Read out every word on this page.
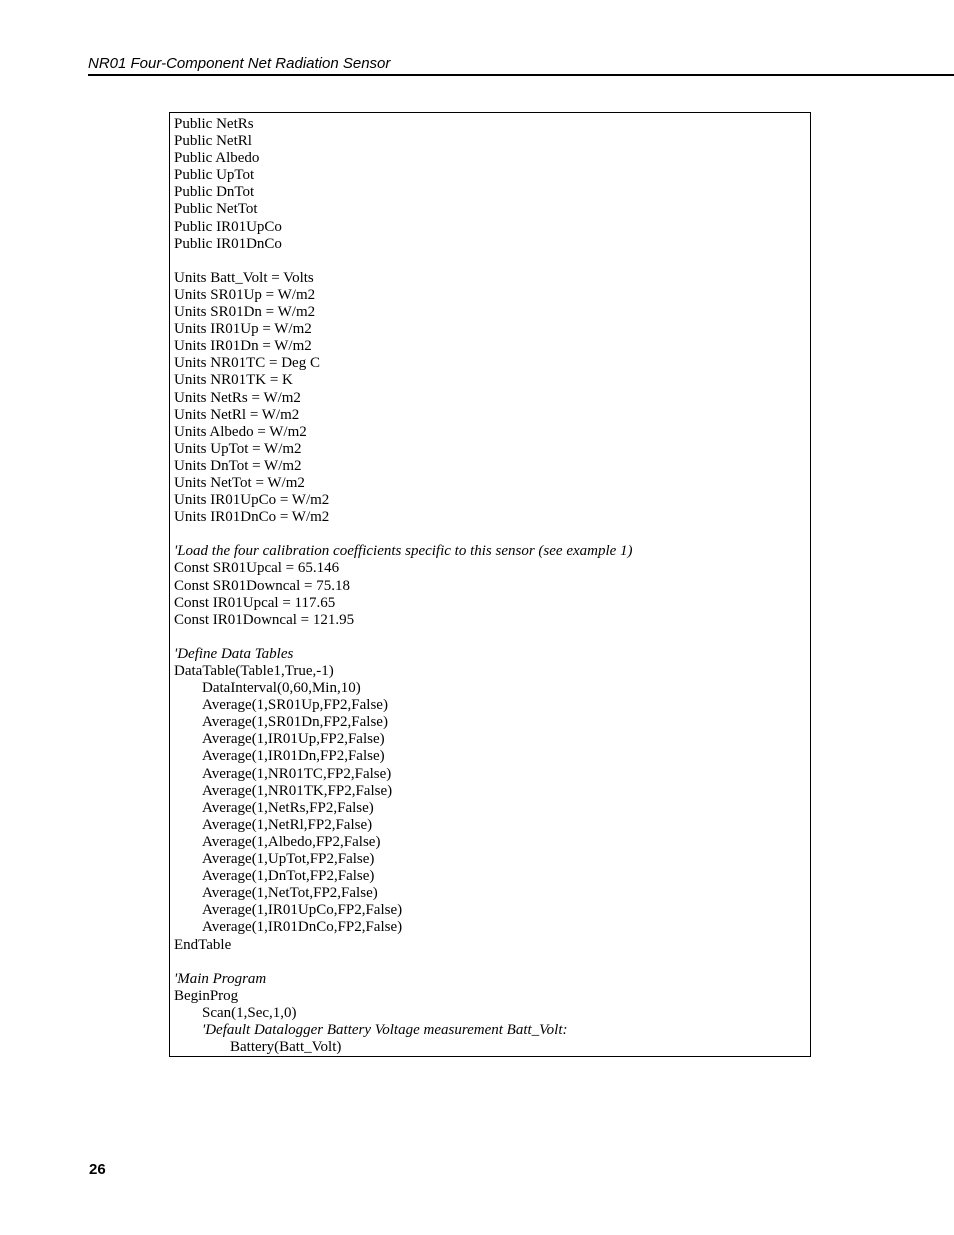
NR01 Four-Component Net Radiation Sensor
Public NetRs
Public NetRl
Public Albedo
Public UpTot
Public DnTot
Public NetTot
Public IR01UpCo
Public IR01DnCo
Units Batt_Volt = Volts
Units SR01Up = W/m2
Units SR01Dn = W/m2
Units IR01Up = W/m2
Units IR01Dn = W/m2
Units NR01TC = Deg C
Units NR01TK = K
Units NetRs = W/m2
Units NetRl = W/m2
Units Albedo = W/m2
Units UpTot = W/m2
Units DnTot = W/m2
Units NetTot = W/m2
Units IR01UpCo = W/m2
Units IR01DnCo = W/m2
'Load the four calibration coefficients specific to this sensor (see example 1)
Const SR01Upcal = 65.146
Const SR01Downcal = 75.18
Const IR01Upcal = 117.65
Const IR01Downcal = 121.95
'Define Data Tables
DataTable(Table1,True,-1)
DataInterval(0,60,Min,10)
Average(1,SR01Up,FP2,False)
Average(1,SR01Dn,FP2,False)
Average(1,IR01Up,FP2,False)
Average(1,IR01Dn,FP2,False)
Average(1,NR01TC,FP2,False)
Average(1,NR01TK,FP2,False)
Average(1,NetRs,FP2,False)
Average(1,NetRl,FP2,False)
Average(1,Albedo,FP2,False)
Average(1,UpTot,FP2,False)
Average(1,DnTot,FP2,False)
Average(1,NetTot,FP2,False)
Average(1,IR01UpCo,FP2,False)
Average(1,IR01DnCo,FP2,False)
EndTable
'Main Program
BeginProg
Scan(1,Sec,1,0)
'Default Datalogger Battery Voltage measurement Batt_Volt:
Battery(Batt_Volt)
26
